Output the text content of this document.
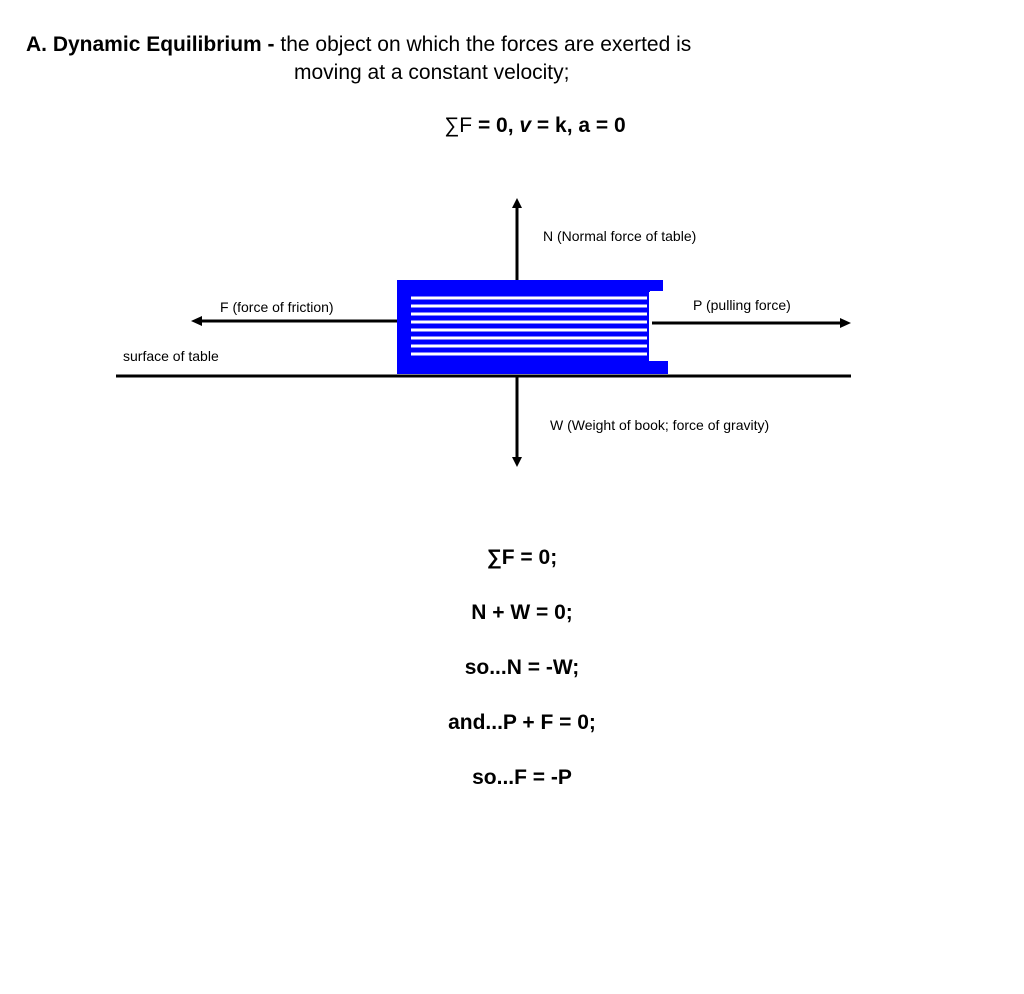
A. Dynamic Equilibrium - the object on which the forces are exerted is
moving at a constant velocity;
∑F = 0, v = k, a = 0
N (Normal force of table)
F (force of friction)	P (pulling force)
surface of table
W (Weight of book; force of gravity)
∑F = 0;
N + W = 0;
so...N = -W;
and...P + F = 0;
so...F = -P
